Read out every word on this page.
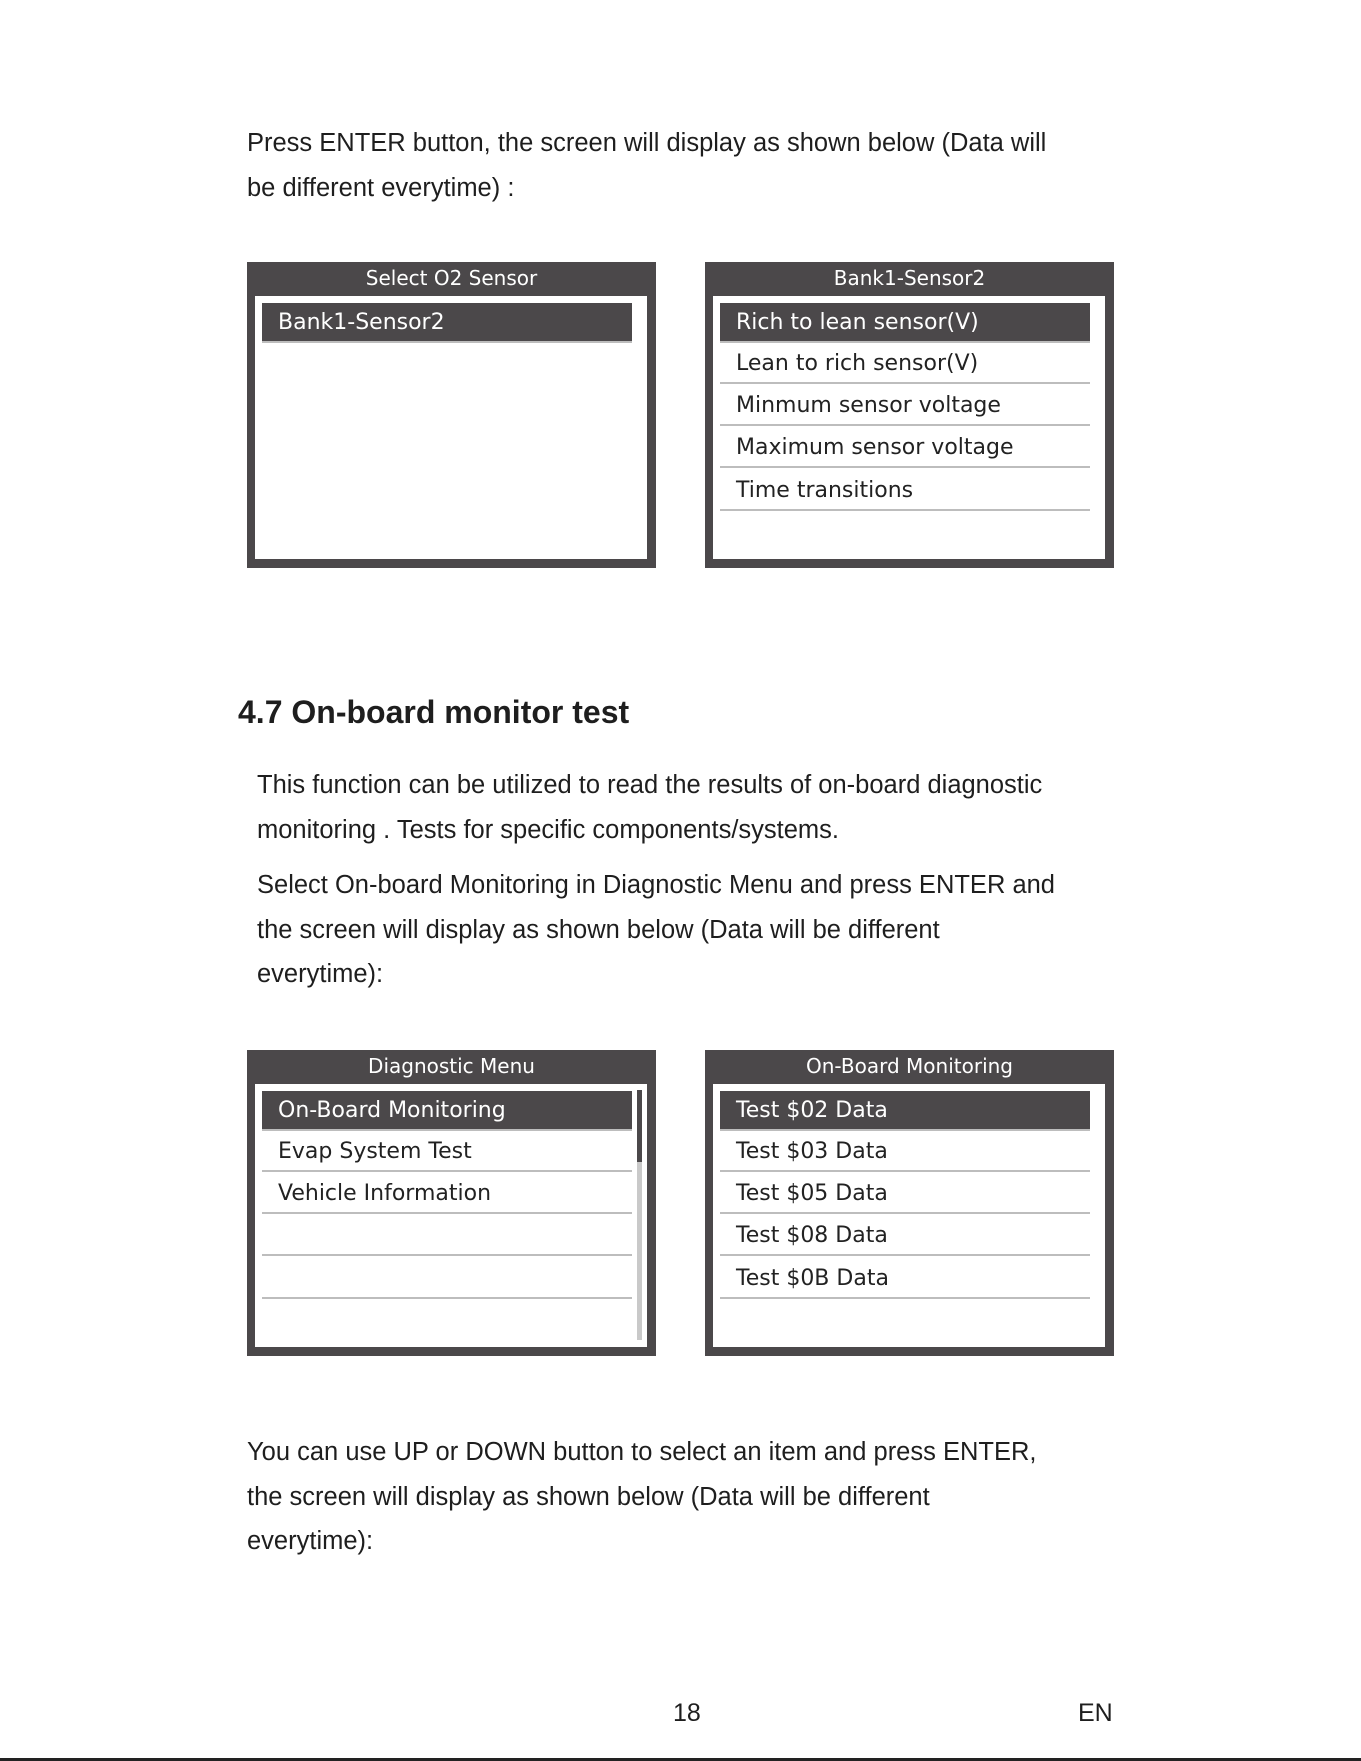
Press ENTER button, the screen will display as shown below (Data will

be different everytime) :

Select O2 Sensor
Bank1-Sensor2
Bank1-Sensor2
Rich to lean sensor(V)
Lean to rich sensor(V)
Minmum sensor voltage
Maximum sensor voltage
Time transitions
4.7 On-board monitor test

This function can be utilized to read the results of on-board diagnostic

monitoring . Tests for specific components/systems.

Select On-board Monitoring in Diagnostic Menu and press ENTER and

the screen will display as shown below (Data will be different

everytime):

Diagnostic Menu
On-Board Monitoring
Evap System Test
Vehicle Information
On-Board Monitoring
Test $02 Data
Test $03 Data
Test $05 Data
Test $08 Data
Test $0B Data

You can use UP or DOWN button to select an item and press ENTER,

the screen will display as shown below (Data will be different

everytime):

18	EN
